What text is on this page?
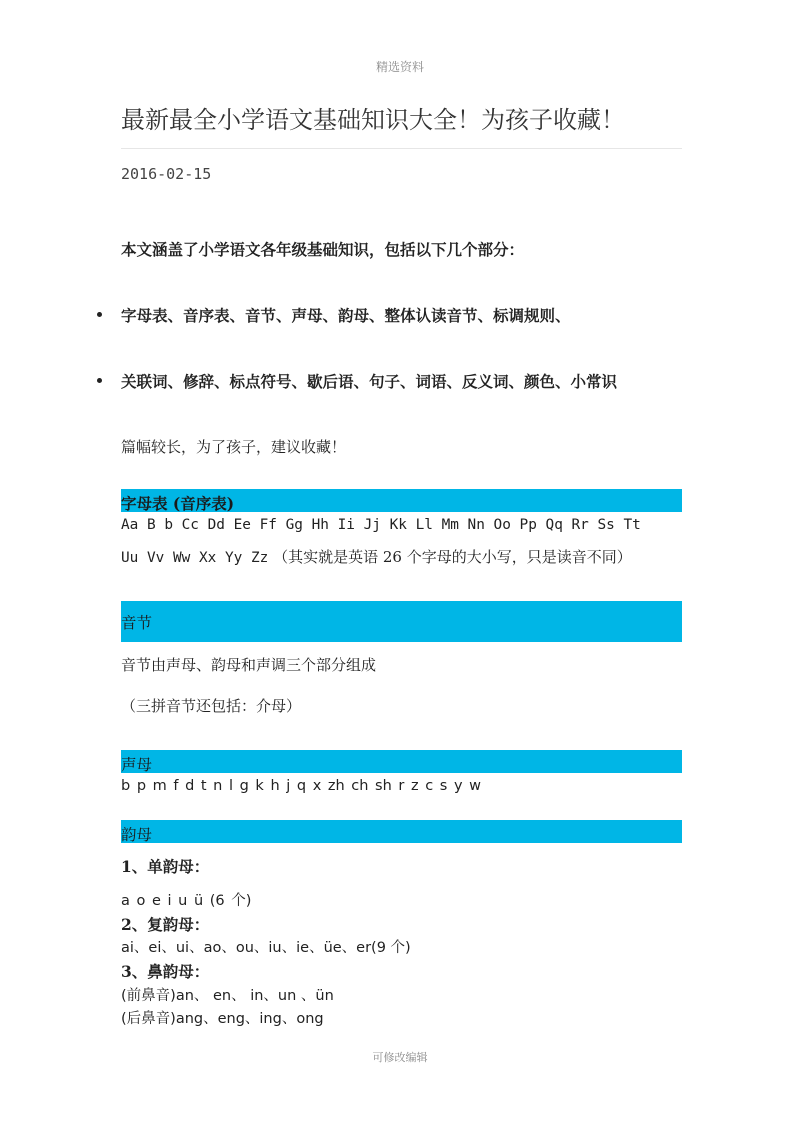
精选资料
最新最全小学语文基础知识大全！为孩子收藏！
2016-02-15
本文涵盖了小学语文各年级基础知识，包括以下几个部分：
字母表、音序表、音节、声母、韵母、整体认读音节、标调规则、
关联词、修辞、标点符号、歇后语、句子、词语、反义词、颜色、小常识
篇幅较长，为了孩子，建议收藏！
字母表 (音序表)
Aa B b Cc Dd Ee Ff Gg Hh Ii Jj Kk Ll Mm Nn Oo Pp Qq Rr Ss Tt
Uu Vv Ww Xx Yy Zz （其实就是英语 26 个字母的大小写，只是读音不同）
音节
音节由声母、韵母和声调三个部分组成
（三拼音节还包括：介母）
声母
b p m f d t n l g k h j q x zh ch sh r z c s y w
韵母
1、单韵母：
a o e i u ü (6 个)
2、复韵母：
ai、ei、ui、ao、ou、iu、ie、üe、er(9 个)
3、鼻韵母：
(前鼻音)an、 en、 in、un 、ün
(后鼻音)ang、eng、ing、ong
可修改编辑
